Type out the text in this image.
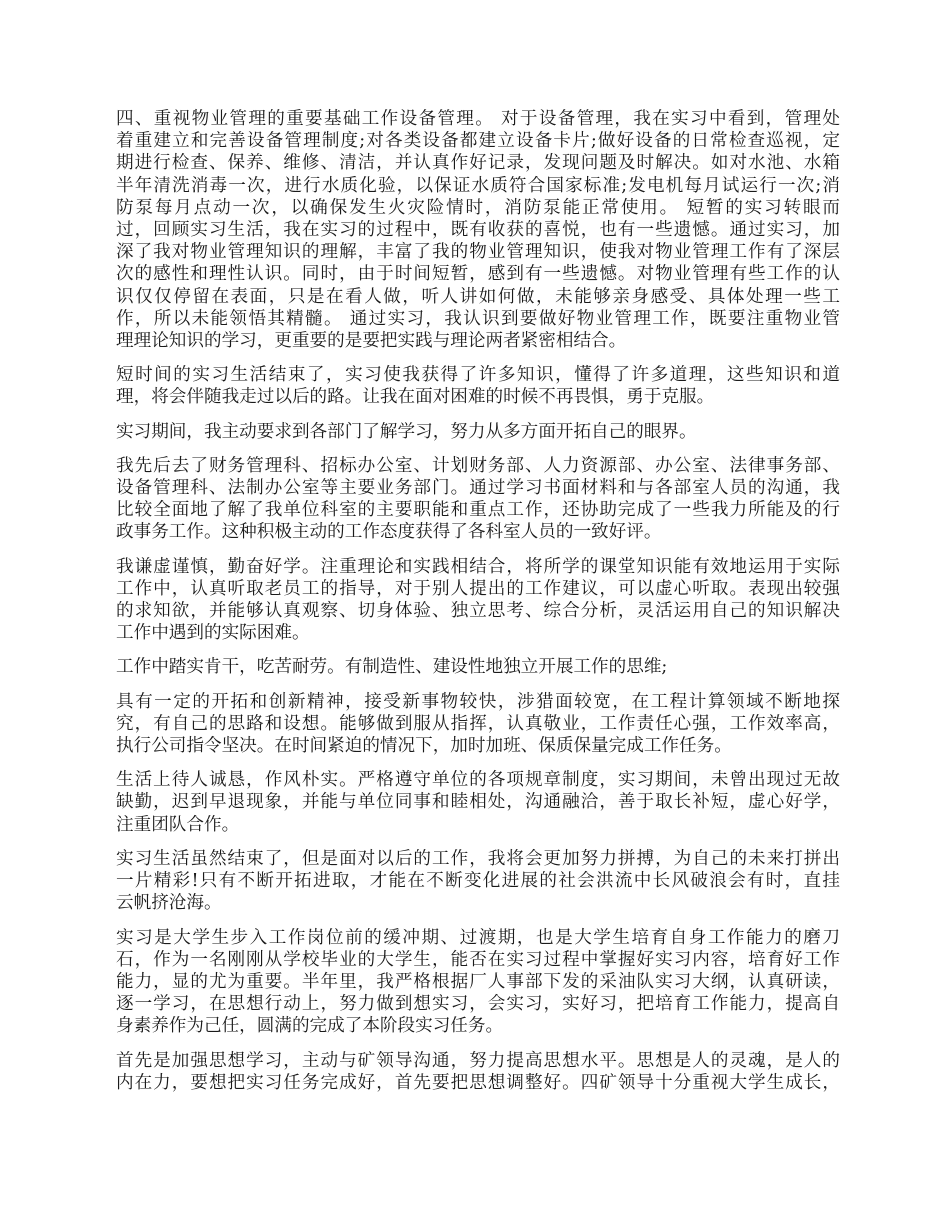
四、重视物业管理的重要基础工作设备管理。 对于设备管理，我在实习中看到，管理处
着重建立和完善设备管理制度;对各类设备都建立设备卡片;做好设备的日常检查巡视，定
期进行检查、保养、维修、清洁，并认真作好记录，发现问题及时解决。如对水池、水箱
半年清洗消毒一次，进行水质化验，以保证水质符合国家标准;发电机每月试运行一次;消
防泵每月点动一次，以确保发生火灾险情时，消防泵能正常使用。 短暂的实习转眼而
过，回顾实习生活，我在实习的过程中，既有收获的喜悦，也有一些遗憾。通过实习，加
深了我对物业管理知识的理解，丰富了我的物业管理知识，使我对物业管理工作有了深层
次的感性和理性认识。同时，由于时间短暂，感到有一些遗憾。对物业管理有些工作的认
识仅仅停留在表面，只是在看人做，听人讲如何做，未能够亲身感受、具体处理一些工
作，所以未能领悟其精髓。 通过实习，我认识到要做好物业管理工作，既要注重物业管
理理论知识的学习，更重要的是要把实践与理论两者紧密相结合。
短时间的实习生活结束了，实习使我获得了许多知识，懂得了许多道理，这些知识和道
理，将会伴随我走过以后的路。让我在面对困难的时候不再畏惧，勇于克服。
实习期间，我主动要求到各部门了解学习，努力从多方面开拓自己的眼界。
我先后去了财务管理科、招标办公室、计划财务部、人力资源部、办公室、法律事务部、
设备管理科、法制办公室等主要业务部门。通过学习书面材料和与各部室人员的沟通，我
比较全面地了解了我单位科室的主要职能和重点工作，还协助完成了一些我力所能及的行
政事务工作。这种积极主动的工作态度获得了各科室人员的一致好评。
我谦虚谨慎，勤奋好学。注重理论和实践相结合，将所学的课堂知识能有效地运用于实际
工作中，认真听取老员工的指导，对于别人提出的工作建议，可以虚心听取。表现出较强
的求知欲，并能够认真观察、切身体验、独立思考、综合分析，灵活运用自己的知识解决
工作中遇到的实际困难。
工作中踏实肯干，吃苦耐劳。有制造性、建设性地独立开展工作的思维;
具有一定的开拓和创新精神，接受新事物较快，涉猎面较宽，在工程计算领域不断地探
究，有自己的思路和设想。能够做到服从指挥，认真敬业，工作责任心强，工作效率高，
执行公司指令坚决。在时间紧迫的情况下，加时加班、保质保量完成工作任务。
生活上待人诚恳，作风朴实。严格遵守单位的各项规章制度，实习期间，未曾出现过无故
缺勤，迟到早退现象，并能与单位同事和睦相处，沟通融洽，善于取长补短，虚心好学，
注重团队合作。
实习生活虽然结束了，但是面对以后的工作，我将会更加努力拼搏，为自己的未来打拼出
一片精彩!只有不断开拓进取，才能在不断变化进展的社会洪流中长风破浪会有时，直挂
云帆挤沧海。
实习是大学生步入工作岗位前的缓冲期、过渡期，也是大学生培育自身工作能力的磨刀
石，作为一名刚刚从学校毕业的大学生，能否在实习过程中掌握好实习内容，培育好工作
能力，显的尤为重要。半年里，我严格根据厂人事部下发的采油队实习大纲，认真研读，
逐一学习，在思想行动上，努力做到想实习，会实习，实好习，把培育工作能力，提高自
身素养作为己任，圆满的完成了本阶段实习任务。
首先是加强思想学习，主动与矿领导沟通，努力提高思想水平。思想是人的灵魂，是人的
内在力，要想把实习任务完成好，首先要把思想调整好。四矿领导十分重视大学生成长，
